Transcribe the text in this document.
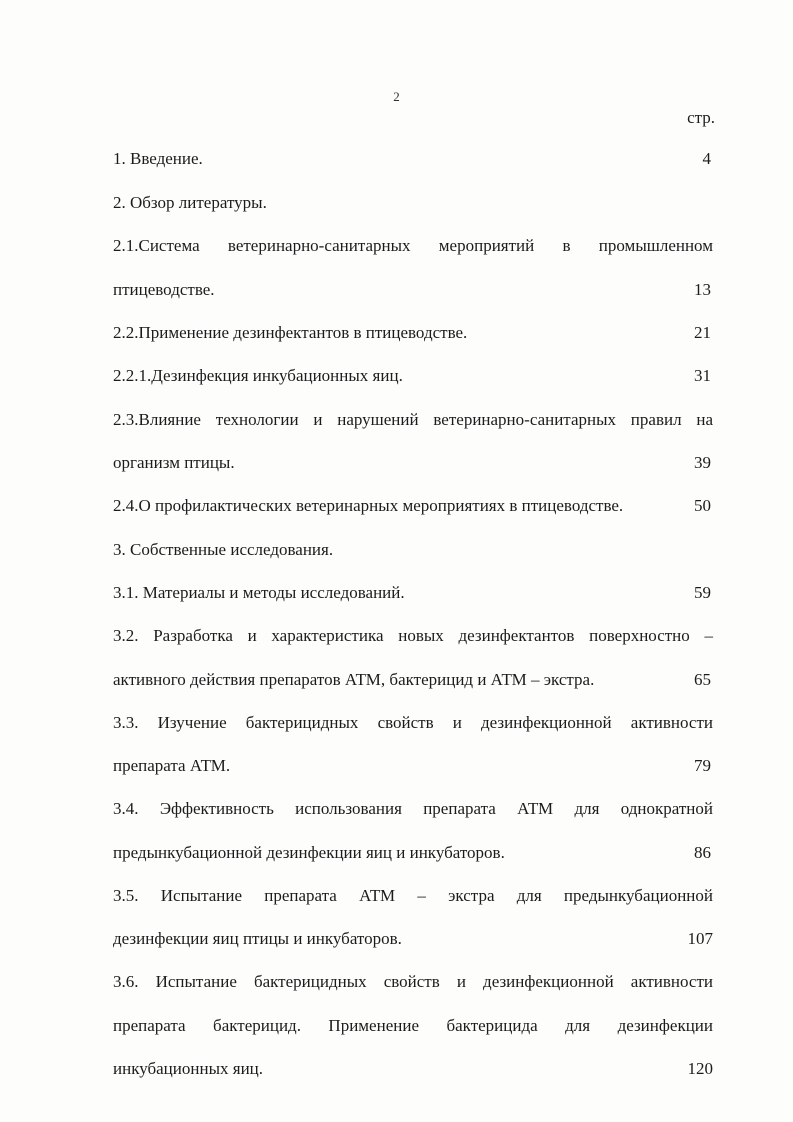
2
стр.
1. Введение.	4
2. Обзор литературы.
2.1.Система ветеринарно-санитарных мероприятий в промышленном
птицеводстве.	13
2.2.Применение дезинфектантов в птицеводстве.	21
2.2.1.Дезинфекция инкубационных яиц.	31
2.3.Влияние технологии и нарушений ветеринарно-санитарных правил на
организм птицы.	39
2.4.О профилактических ветеринарных мероприятиях в птицеводстве.	50
3. Собственные исследования.
3.1. Материалы и методы исследований.	59
3.2. Разработка и характеристика новых дезинфектантов поверхностно –
активного действия препаратов АТМ, бактерицид и АТМ – экстра.	65
3.3. Изучение бактерицидных свойств и дезинфекционной активности
препарата АТМ.	79
3.4. Эффективность использования препарата АТМ для однократной
предынкубационной дезинфекции яиц и инкубаторов.	86
3.5. Испытание препарата АТМ – экстра для предынкубационной
дезинфекции яиц птицы и инкубаторов.	107
3.6. Испытание бактерицидных свойств и дезинфекционной активности
препарата бактерицид. Применение бактерицида для дезинфекции
инкубационных яиц.	120
